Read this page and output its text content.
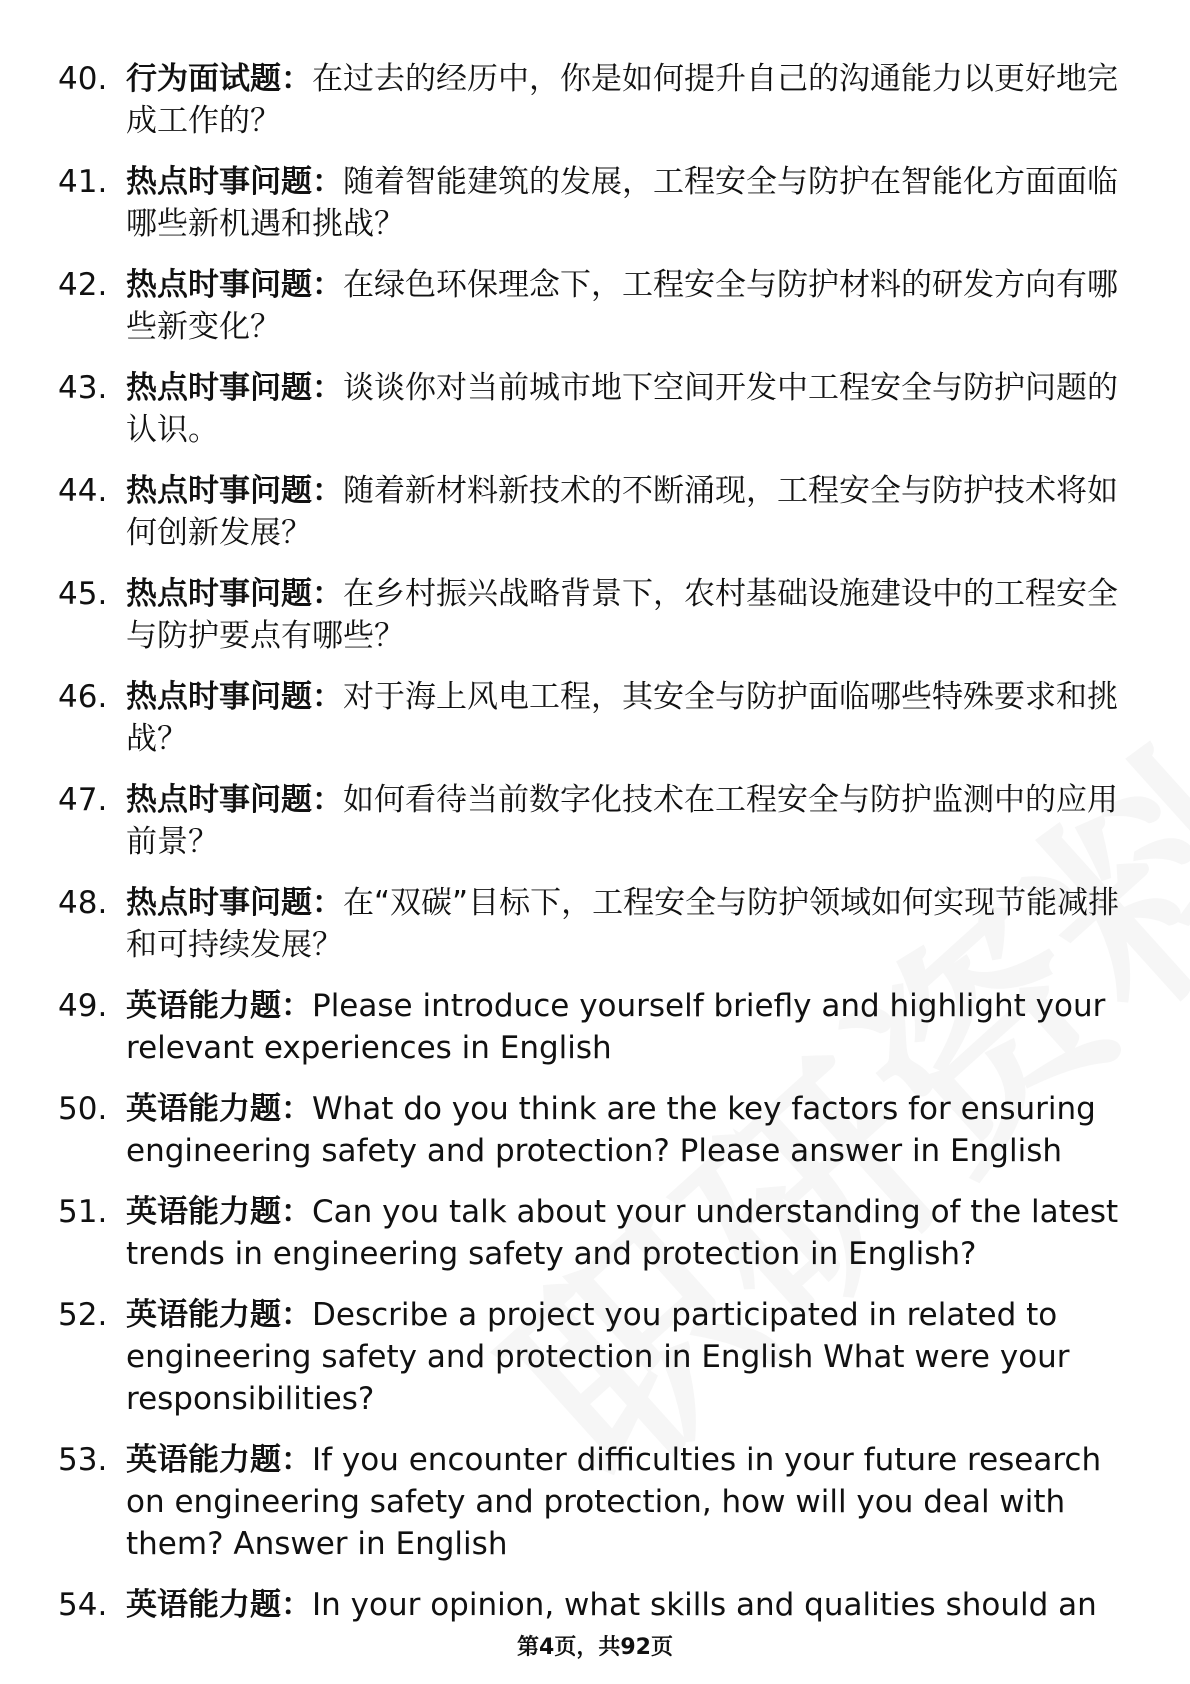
40. 行为面试题：在过去的经历中，你是如何提升自己的沟通能力以更好地完成工作的？
41. 热点时事问题：随着智能建筑的发展，工程安全与防护在智能化方面面临哪些新机遇和挑战？
42. 热点时事问题：在绿色环保理念下，工程安全与防护材料的研发方向有哪些新变化？
43. 热点时事问题：谈谈你对当前城市地下空间开发中工程安全与防护问题的认识。
44. 热点时事问题：随着新材料新技术的不断涌现，工程安全与防护技术将如何创新发展？
45. 热点时事问题：在乡村振兴战略背景下，农村基础设施建设中的工程安全与防护要点有哪些？
46. 热点时事问题：对于海上风电工程，其安全与防护面临哪些特殊要求和挑战？
47. 热点时事问题：如何看待当前数字化技术在工程安全与防护监测中的应用前景？
48. 热点时事问题：在“双碳”目标下，工程安全与防护领域如何实现节能减排和可持续发展？
49. 英语能力题：Please introduce yourself briefly and highlight your relevant experiences in English
50. 英语能力题：What do you think are the key factors for ensuring engineering safety and protection? Please answer in English
51. 英语能力题：Can you talk about your understanding of the latest trends in engineering safety and protection in English?
52. 英语能力题：Describe a project you participated in related to engineering safety and protection in English What were your responsibilities?
53. 英语能力题：If you encounter difficulties in your future research on engineering safety and protection, how will you deal with them? Answer in English
54. 英语能力题：In your opinion, what skills and qualities should an
第4页，共92页
